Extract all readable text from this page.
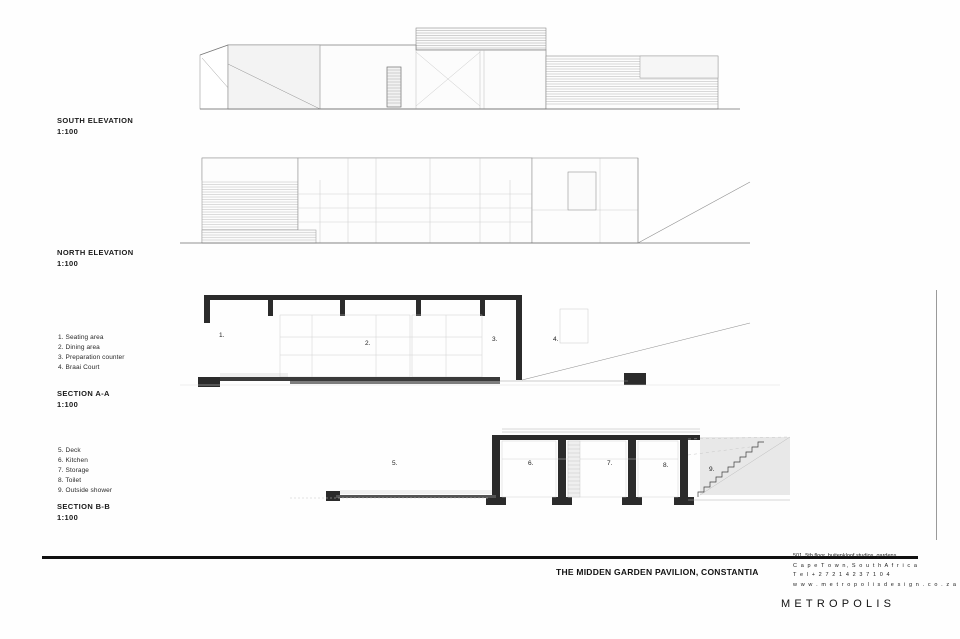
SOUTH ELEVATION
1:100
NORTH ELEVATION
1:100
1.
2.
3.	4.
1. Seating area
2. Dining area
3. Preparation counter
4. Braai Court
SECTION A-A
1:100
5.	6.	7.	8.
9.
5. Deck
6. Kitchen
7. Storage
8. Toilet
9. Outside shower
SECTION B-B
1:100
THE MIDDEN GARDEN PAVILION, CONSTANTIA
501, 5th floor, buitenkloof studios, gardens,
C a p e T o w n, S o u t h A f r i c a
T e l + 2 7 2 1 4 2 3 7 1 0 4
w w w . m e t r o p o l i s d e s i g n . c o . z a
METROPOLIS
